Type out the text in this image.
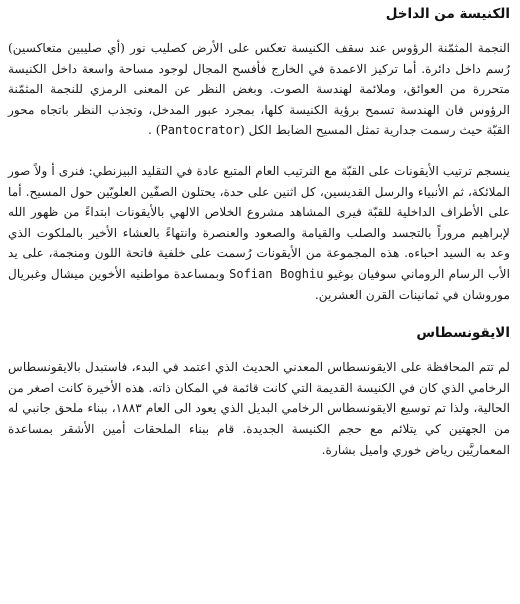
الكنيسة من الداخل

النجمة المثمّنة الرؤوس عند سقف الكنيسة تعكس على الأرض كصليب نور (أي صليبين متعاكسين) رُسم داخل دائرة. أما تركيز الاعمدة في الخارج فأفسح المجال لوجود مساحة واسعة داخل الكنيسة متحررة من العوائق، وملائمة لهندسة الصوت. وبغض النظر عن المعنى الرمزي للنجمة المثمّنة الرؤوس فان الهندسة تسمح برؤية الكنيسة كلها، بمجرد عبور المدخل، وتجذب النظر باتجاه محور القبّة حيث رسمت جدارية تمثل المسيح الضابط الكل (Pantocrator) .

ينسجم ترتيب الأيقونات على القبّة مع الترتيب العام المتبع عادة في التقليد البيزنطي: فنرى أ ولاً صور الملائكة، ثم الأنبياء والرسل القديسين، كل اثنين على حدة، يحتلون الصفّين العلويّين حول المسيح. أما على الأطراف الداخلية للقبّة فيرى المشاهد مشروع الخلاص الالهي بالأيقونات ابتداءً من ظهور الله لإبراهيم مروراً بالتجسد والصلب والقيامة والصعود والعنصرة وانتهاءً بالعشاء الأخير بالملكوت الذي وعد به السيد احباءه. هذه المجموعة من الأيقونات رُسمت على خلفية فاتحة اللون ومنجمة، على يد الأب الرسام الروماني سوفيان بوغيو Sofian Boghiu وبمساعدة مواطنيه الأخوين ميشال وغبريال موروشان في ثمانينات القرن العشرين.

الايقونسطاس

لم تتم المحافظة على الايقونسطاس المعدني الحديث الذي اعتمد في البدء، فاستبدل بالايقونسطاس الرخامي الذي كان في الكنيسة القديمة التي كانت قائمة في المكان ذاته. هذه الأخيرة كانت اصغر من الحالية، ولذا تم توسيع الايقونسطاس الرخامي البديل الذي يعود الى العام ١٨٨٣، ببناء ملحق جانبي له من الجهتين كي يتلائم مع حجم الكنيسة الجديدة. قام ببناء الملحقات أمين الأشقر بمساعدة المعماريَّين رياض خوري واميل بشارة.
